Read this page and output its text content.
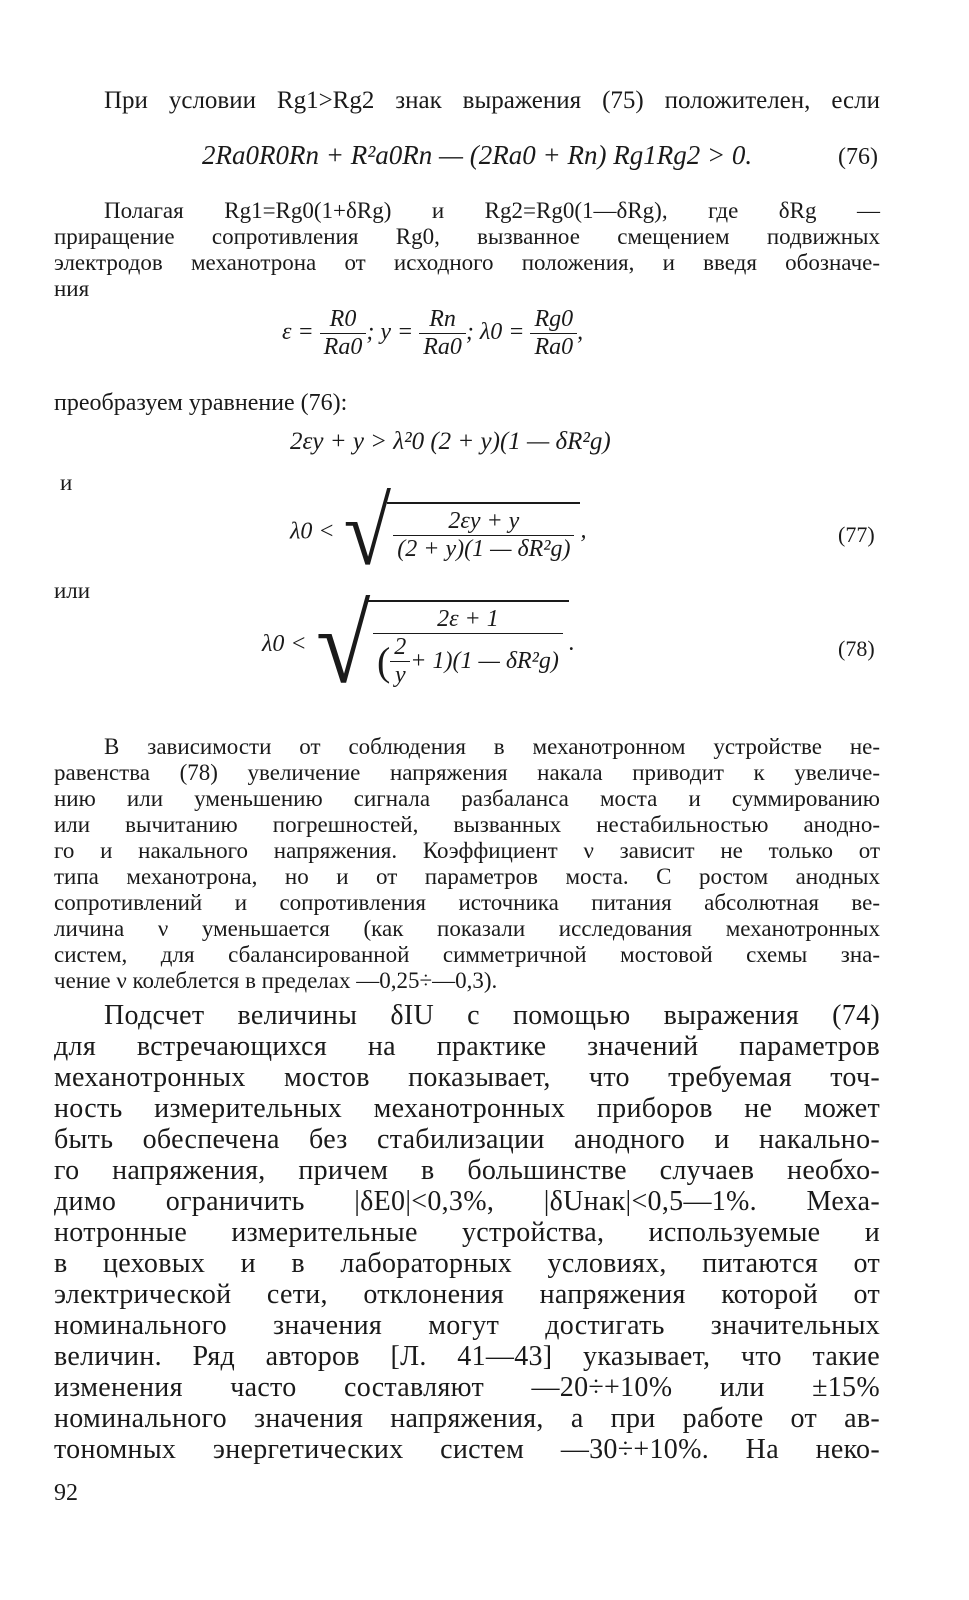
При условии Rg1>Rg2 знак выражения (75) положителен, если
2Rа0R0Rп + R²а0Rп — (2Rа0 + Rп) Rg1Rg2 > 0.	(76)
Полагая Rg1=Rg0(1+δRg) и Rg2=Rg0(1—δRg), где δRg —
приращение сопротивления Rg0, вызванное смещением подвижных
электродов механотрона от исходного положения, и введя обозначе-
ния
$\varepsilon = \frac{R0}{Rа0}$ ; $y = \frac{Rп}{Rа0}$ ; $\lambda 0 = \frac{Rg0}{Rа0}$ ,
преобразуем уравнение (76):
2εy + y > λ²0 (2 + y)(1 — δR²g)
и
λ0 < √ $\frac{2\varepsilon y + y}{\text{(2 + y)(1 — δR²g)}}$ ,	(77)
или
λ0 < √ $\frac{2\varepsilon + 1}{( \frac{2}{y} + 1)(1 — \delta R^2g)}$ .	(78)
В зависимости от соблюдения в механотронном устройстве не-
равенства (78) увеличение напряжения накала приводит к увеличе-
нию или уменьшению сигнала разбаланса моста и суммированию
или вычитанию погрешностей, вызванных нестабильностью анодно-
го и накального напряжения. Коэффициент ν зависит не только от
типа механотрона, но и от параметров моста. С ростом анодных
сопротивлений и сопротивления источника питания абсолютная ве-
личина ν уменьшается (как показали исследования механотронных
систем, для сбалансированной симметричной мостовой схемы зна-
чение ν колеблется в пределах —0,25÷—0,3).
Подсчет величины δIU с помощью выражения (74)
для встречающихся на практике значений параметров
механотронных мостов показывает, что требуемая точ-
ность измерительных механотронных приборов не может
быть обеспечена без стабилизации анодного и накально-
го напряжения, причем в большинстве случаев необхо-
димо ограничить |δE0|<0,3%, |δUнак|<0,5—1%. Меха-
нотронные измерительные устройства, используемые и
в цеховых и в лабораторных условиях, питаются от
электрической сети, отклонения напряжения которой от
номинального значения могут достигать значительных
величин. Ряд авторов [Л. 41—43] указывает, что такие
изменения часто составляют —20÷+10% или ±15%
номинального значения напряжения, а при работе от ав-
тономных энергетических систем —30÷+10%. На неко-
92
